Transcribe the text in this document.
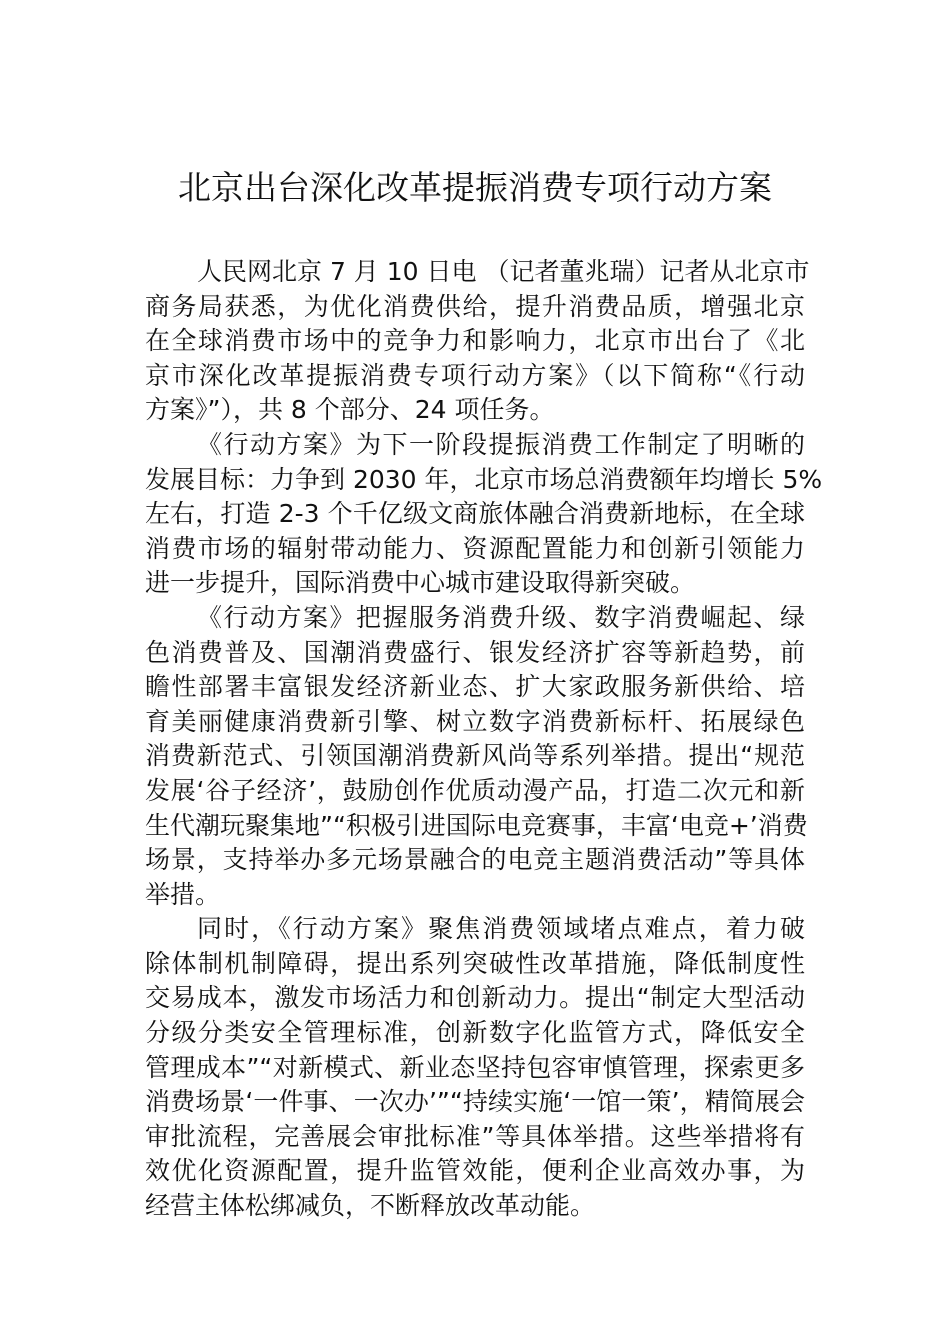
北京出台深化改革提振消费专项行动方案
人民网北京 7 月 10 日电 （记者董兆瑞）记者从北京市
商务局获悉，为优化消费供给，提升消费品质，增强北京
在全球消费市场中的竞争力和影响力，北京市出台了《北
京市深化改革提振消费专项行动方案》（以下简称“《行动
方案》”），共 8 个部分、24 项任务。
《行动方案》为下一阶段提振消费工作制定了明晰的
发展目标：力争到 2030 年，北京市场总消费额年均增长 5%
左右，打造 2-3 个千亿级文商旅体融合消费新地标，在全球
消费市场的辐射带动能力、资源配置能力和创新引领能力
进一步提升，国际消费中心城市建设取得新突破。
《行动方案》把握服务消费升级、数字消费崛起、绿
色消费普及、国潮消费盛行、银发经济扩容等新趋势，前
瞻性部署丰富银发经济新业态、扩大家政服务新供给、培
育美丽健康消费新引擎、树立数字消费新标杆、拓展绿色
消费新范式、引领国潮消费新风尚等系列举措。提出“规范
发展‘谷子经济’，鼓励创作优质动漫产品，打造二次元和新
生代潮玩聚集地”“积极引进国际电竞赛事，丰富‘电竞+’消费
场景，支持举办多元场景融合的电竞主题消费活动”等具体
举措。
同时，《行动方案》聚焦消费领域堵点难点，着力破
除体制机制障碍，提出系列突破性改革措施，降低制度性
交易成本，激发市场活力和创新动力。提出“制定大型活动
分级分类安全管理标准，创新数字化监管方式，降低安全
管理成本”“对新模式、新业态坚持包容审慎管理，探索更多
消费场景‘一件事、一次办’”“持续实施‘一馆一策’，精简展会
审批流程，完善展会审批标准”等具体举措。这些举措将有
效优化资源配置，提升监管效能，便利企业高效办事，为
经营主体松绑减负，不断释放改革动能。
